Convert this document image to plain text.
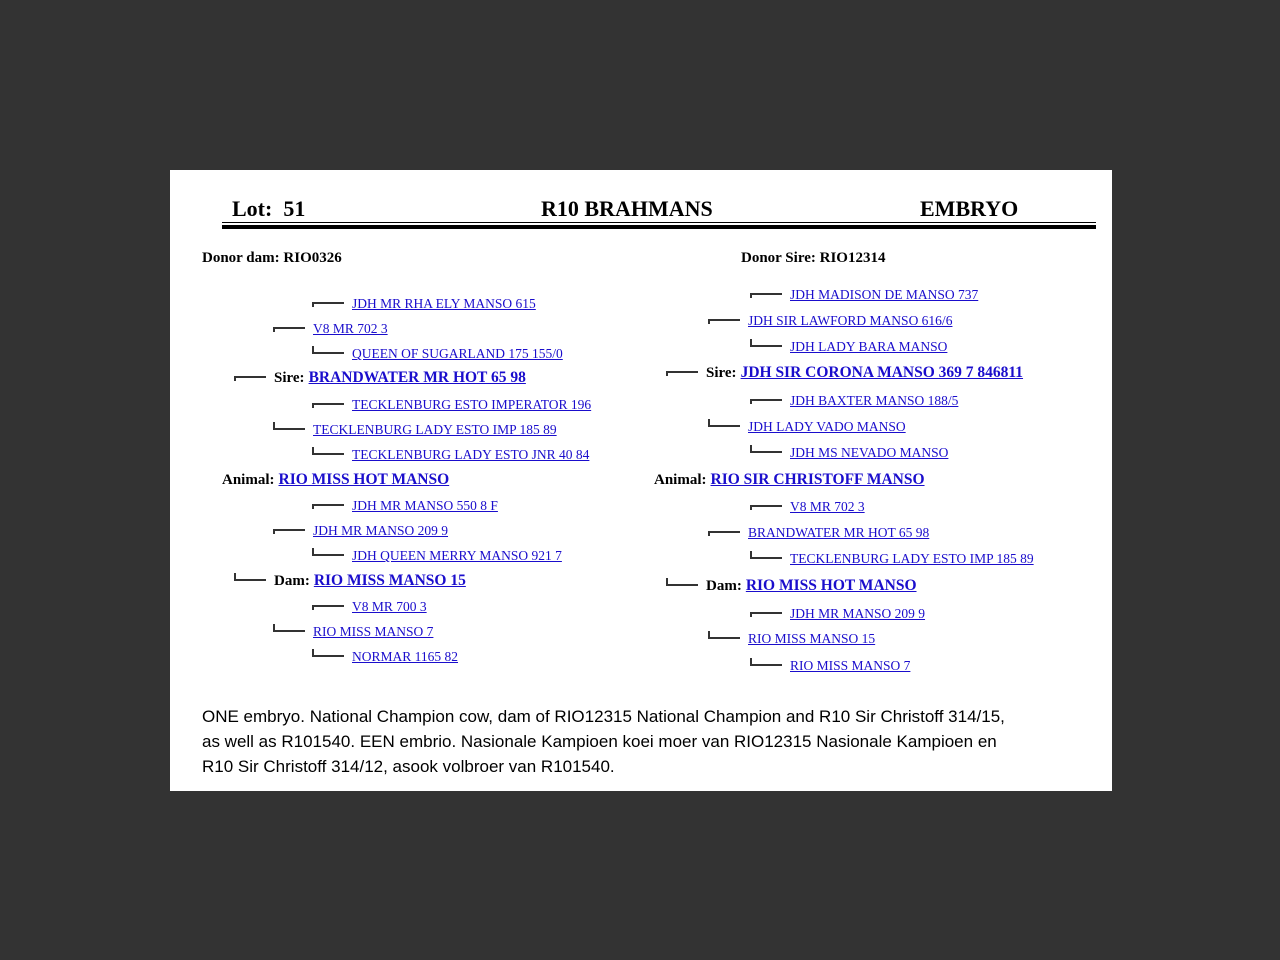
Lot: 51	R10 BRAHMANS	EMBRYO
Donor dam: RIO0326	Donor Sire: RIO12314
JDH MR RHA ELY MANSO 615
V8 MR 702 3
QUEEN OF SUGARLAND 175 155/0
Sire: BRANDWATER MR HOT 65 98
TECKLENBURG ESTO IMPERATOR 196
TECKLENBURG LADY ESTO IMP 185 89
TECKLENBURG LADY ESTO JNR 40 84
Animal: RIO MISS HOT MANSO
JDH MR MANSO 550 8 F
JDH MR MANSO 209 9
JDH QUEEN MERRY MANSO 921 7
Dam: RIO MISS MANSO 15
V8 MR 700 3
RIO MISS MANSO 7
NORMAR 1165 82
JDH MADISON DE MANSO 737
JDH SIR LAWFORD MANSO 616/6
JDH LADY BARA MANSO
Sire: JDH SIR CORONA MANSO 369 7 846811
JDH BAXTER MANSO 188/5
JDH LADY VADO MANSO
JDH MS NEVADO MANSO
Animal: RIO SIR CHRISTOFF MANSO
V8 MR 702 3
BRANDWATER MR HOT 65 98
TECKLENBURG LADY ESTO IMP 185 89
Dam: RIO MISS HOT MANSO
JDH MR MANSO 209 9
RIO MISS MANSO 15
RIO MISS MANSO 7
ONE embryo. National Champion cow, dam of RIO12315 National Champion and R10 Sir Christoff 314/15,
as well as R101540. EEN embrio. Nasionale Kampioen koei moer van RIO12315 Nasionale Kampioen en
R10 Sir Christoff 314/12, asook volbroer van R101540.
